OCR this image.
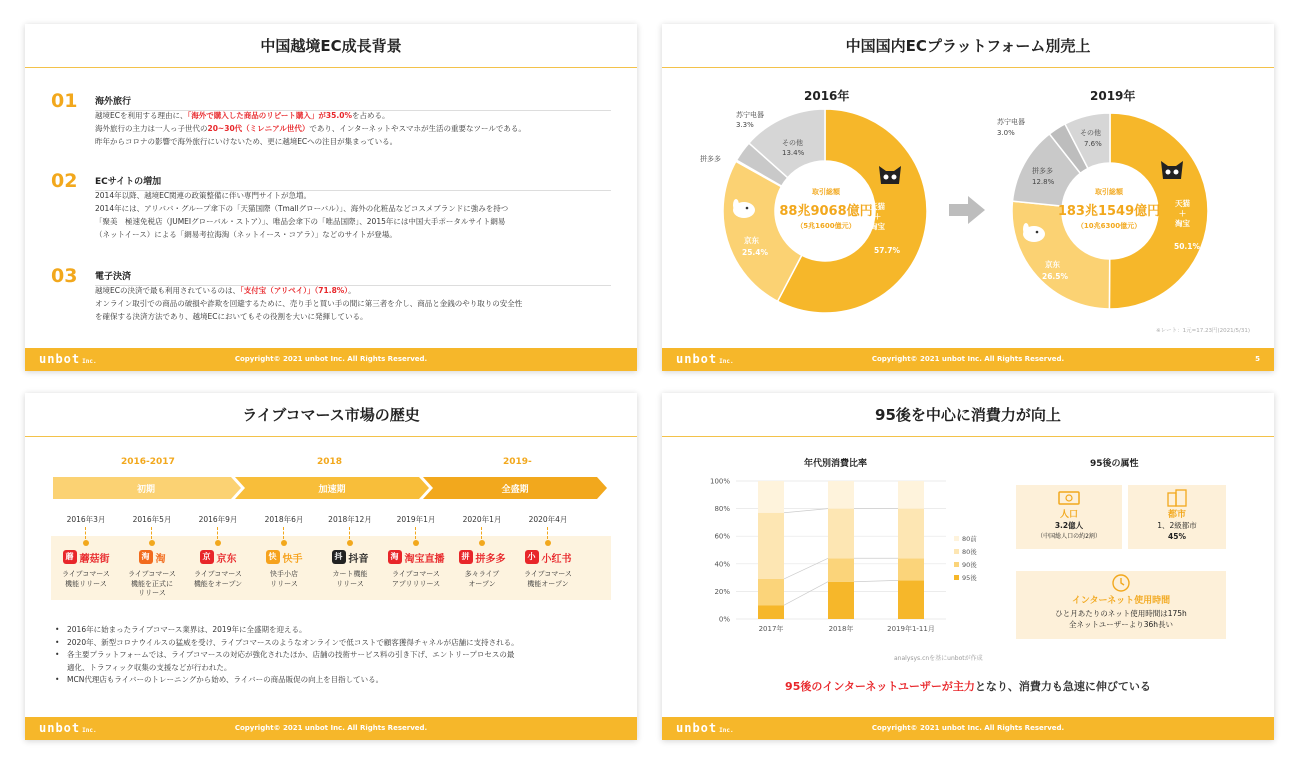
中国越境EC成長背景
01 海外旅行
越境ECを利用する理由に、「海外で購入した商品のリピート購入」が35.0%を占める。
海外旅行の主力は一人っ子世代の20~30代（ミレニアル世代）であり、インターネットやスマホが生活の重要なツールである。
昨年からコロナの影響で海外旅行にいけないため、更に越境ECへの注目が集まっている。
02 ECサイトの増加
2014年以降、越境EC関連の政策整備に伴い専門サイトが急増。
2014年には、アリババ・グループ傘下の「天猫国際（Tmallグローバル）」、海外の化粧品などコスメブランドに強みを持つ
「聚美　極速免税店（JUMEIグローバル・ストア）」、唯品会傘下の「唯品国際」、2015年には中国大手ポータルサイト網易
（ネットイース）による「網易考拉海淘（ネットイース・コアラ）」などのサイトが登場。
03 電子決済
越境ECの決済で最も利用されているのは、「支付宝（アリペイ）」（71.8%）。
オンライン取引での商品の破損や詐欺を回避するために、売り手と買い手の間に第三者を介し、商品と金銭のやり取りの安全性
を確保する決済方法であり、越境ECにおいてもその役割を大いに発揮している。
unbot Inc.	Copyright© 2021 unbot Inc. All Rights Reserved.
中国国内ECプラットフォーム別売上
2016年	2019年
取引総額
88兆9068億円
（5兆1600億元）
取引総額
183兆1549億円
（10兆6300億元）
天猫
＋
淘宝
57.7%
京东
25.4%
拼多多
苏宁电器
3.3%
その他
13.4%
天猫
＋
淘宝
50.1%
京东
26.5%
拼多多
12.8%
苏宁电器
3.0%	その他
7.6%
※レート：1元=17.23円(2021/5/31)
unbot Inc.	Copyright© 2021 unbot Inc. All Rights Reserved.	5
ライブコマース市場の歴史
2016-2017	2018	2019-
初期	加速期	全盛期
• 2016年に始まったライブコマース業界は、2019年に全盛期を迎える。
• 2020年、新型コロナウイルスの猛威を受け、ライブコマースのようなオンラインで低コストで顧客獲得チャネルが店舗に支持される。
• 各主要プラットフォームでは、ライブコマースの対応が強化されたほか、店舗の技術サービス料の引き下げ、エントリープロセスの最
適化、トラフィック収集の支援などが行われた。
• MCN代理店もライバーのトレーニングから始め、ライバーの商品販促の向上を目指している。
unbot Inc.	Copyright© 2021 unbot Inc. All Rights Reserved.
2016年3月	2016年5月	2016年9月	2018年6月	2018年12月	2019年1月	2020年1月	2020年4月
蘑 蘑菇街
ライブコマース
機能リリース
淘 淘
ライブコマース
機能を正式に
リリース
京 京东
ライブコマース
機能をオープン
快 快手
快手小店
リリース
抖 抖音
カート機能
リリース
淘 淘宝直播
ライブコマース
アプリリリース
拼 拼多多
多々ライブ
オープン
小 小红书
ライブコマース
機能オープン
95後を中心に消費力が向上
年代別消費比率	95後の属性
0%
20%
40%
60%
80%
100%
2017年	2018年	2019年1-11月
80前
80後
90後
95後
analysys.cnを基にunbotが作成
人口
3.2億人
（中国総人口の約2割）
都市
1、2級都市
45%
インターネット使用時間
ひと月あたりのネット使用時間は175h
全ネットユーザーより36h長い
95後のインターネットユーザーが主力となり、消費力も急速に伸びている
unbot Inc.	Copyright© 2021 unbot Inc. All Rights Reserved.
